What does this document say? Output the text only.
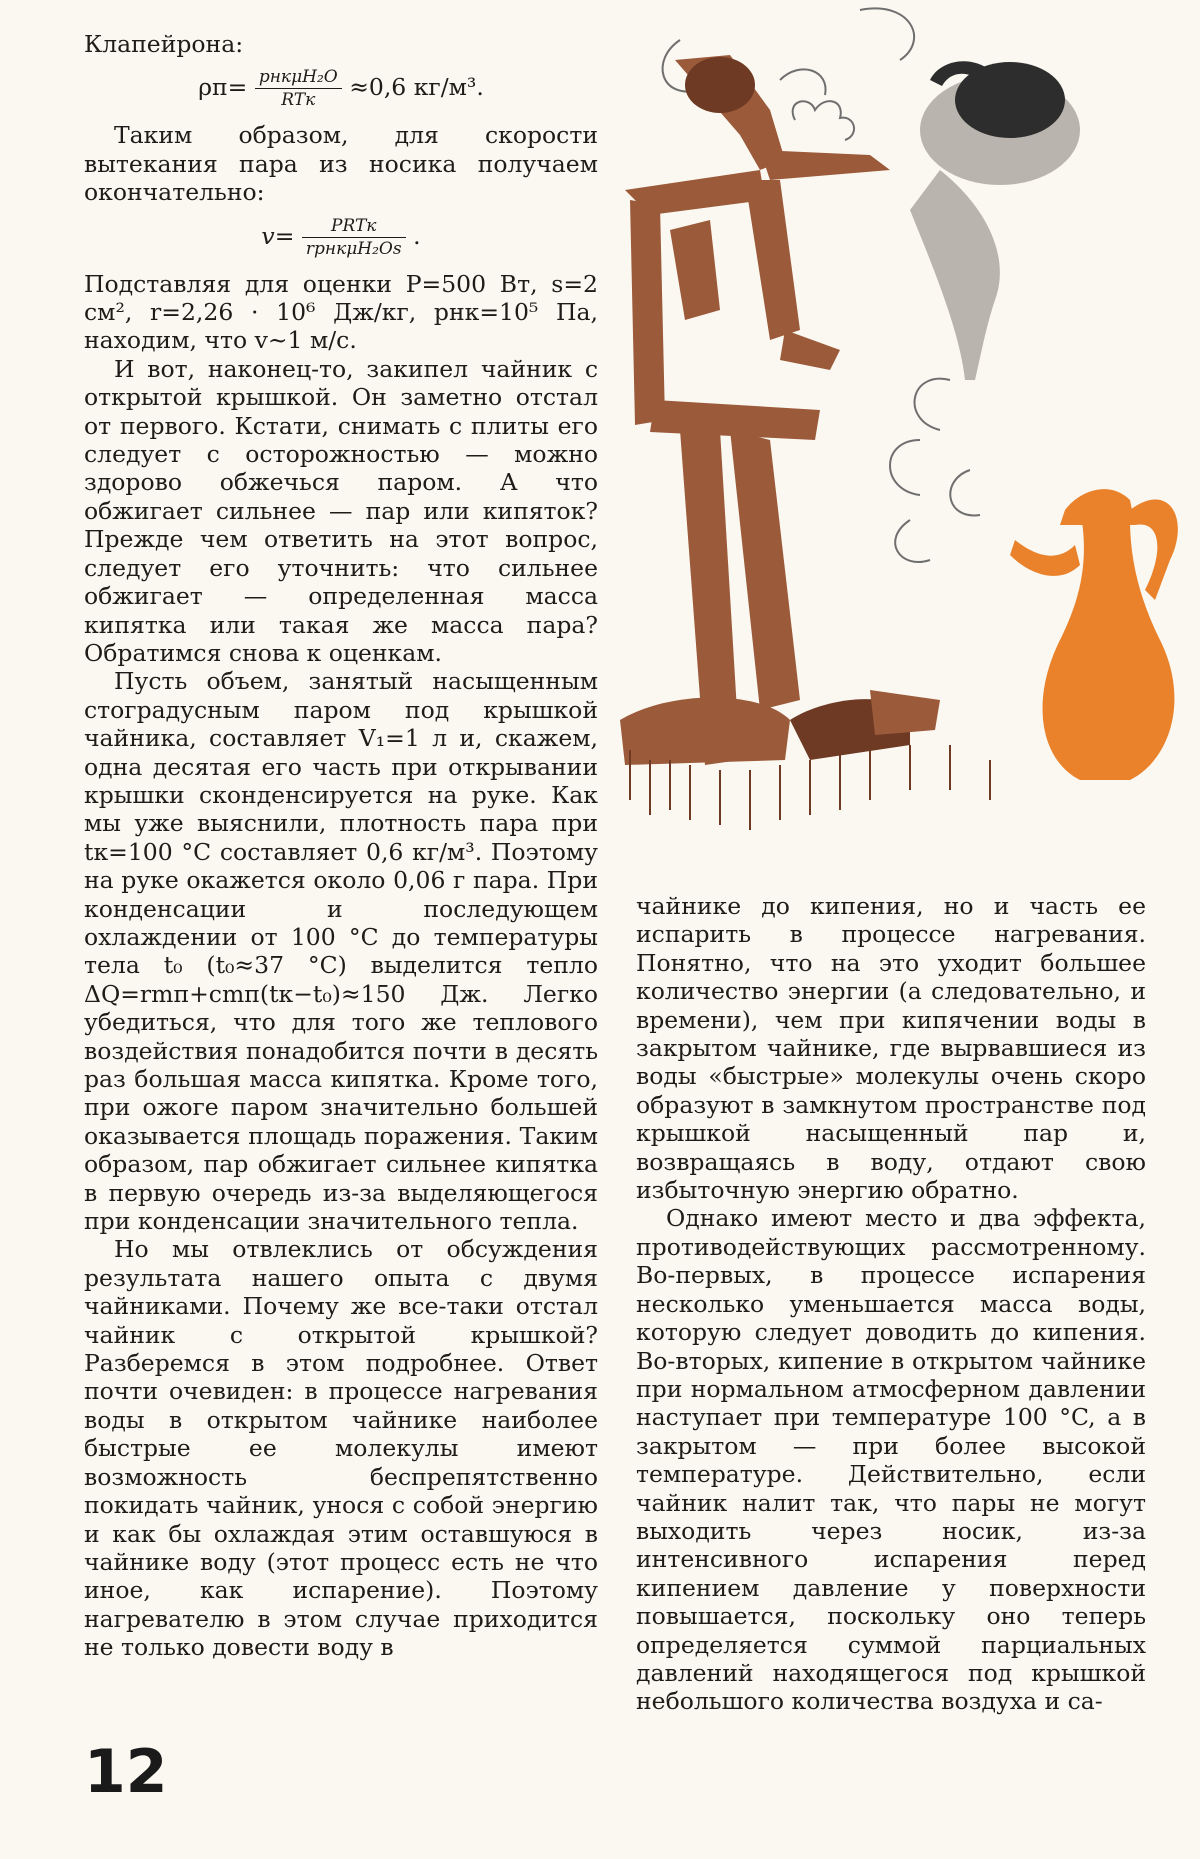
Клапейрона:

$\rho п= \frac{\text{pнкμH₂O}}{\text{RTк}} \approx 0,6$ кг/м³.

Таким образом, для скорости вытекания пара из носика получаем окончательно:

$v= \frac{\text{PRTк}}{\text{rpнкμH₂Os}}$ .

Подставляя для оценки P=500 Вт, s=2 см², r=2,26 · 10⁶ Дж/кг, pнк=10⁵ Па, находим, что v~1 м/с.

И вот, наконец-то, закипел чайник с открытой крышкой. Он заметно отстал от первого. Кстати, снимать с плиты его следует с осторожностью — можно здорово обжечься паром. А что обжигает сильнее — пар или кипяток? Прежде чем ответить на этот вопрос, следует его уточнить: что сильнее обжигает — определенная масса кипятка или такая же масса пара? Обратимся снова к оценкам.

Пусть объем, занятый насыщенным стоградусным паром под крышкой чайника, составляет V₁=1 л и, скажем, одна десятая его часть при открывании крышки сконденсируется на руке. Как мы уже выяснили, плотность пара при tк=100 °C составляет 0,6 кг/м³. Поэтому на руке окажется около 0,06 г пара. При конденсации и последующем охлаждении от 100 °C до температуры тела t₀ (t₀≈37 °C) выделится тепло ΔQ=rmп+cmп(tк−t₀)≈150 Дж. Легко убедиться, что для того же теплового воздействия понадобится почти в десять раз большая масса кипятка. Кроме того, при ожоге паром значительно большей оказывается площадь поражения. Таким образом, пар обжигает сильнее кипятка в первую очередь из-за выделяющегося при конденсации значительного тепла.

Но мы отвлеклись от обсуждения результата нашего опыта с двумя чайниками. Почему же все-таки отстал чайник с открытой крышкой? Разберемся в этом подробнее. Ответ почти очевиден: в процессе нагревания воды в открытом чайнике наиболее быстрые ее молекулы имеют возможность беспрепятственно покидать чайник, унося с собой энергию и как бы охлаждая этим оставшуюся в чайнике воду (этот процесс есть не что иное, как испарение). Поэтому нагревателю в этом случае приходится не только довести воду в

чайнике до кипения, но и часть ее испарить в процессе нагревания. Понятно, что на это уходит большее количество энергии (а следовательно, и времени), чем при кипячении воды в закрытом чайнике, где вырвавшиеся из воды «быстрые» молекулы очень скоро образуют в замкнутом пространстве под крышкой насыщенный пар и, возвращаясь в воду, отдают свою избыточную энергию обратно.

Однако имеют место и два эффекта, противодействующих рассмотренному. Во-первых, в процессе испарения несколько уменьшается масса воды, которую следует доводить до кипения. Во-вторых, кипение в открытом чайнике при нормальном атмосферном давлении наступает при температуре 100 °C, а в закрытом — при более высокой температуре. Действительно, если чайник налит так, что пары не могут выходить через носик, из-за интенсивного испарения перед кипением давление у поверхности повышается, поскольку оно теперь определяется суммой парциальных давлений находящегося под крышкой небольшого количества воздуха и са-

12
